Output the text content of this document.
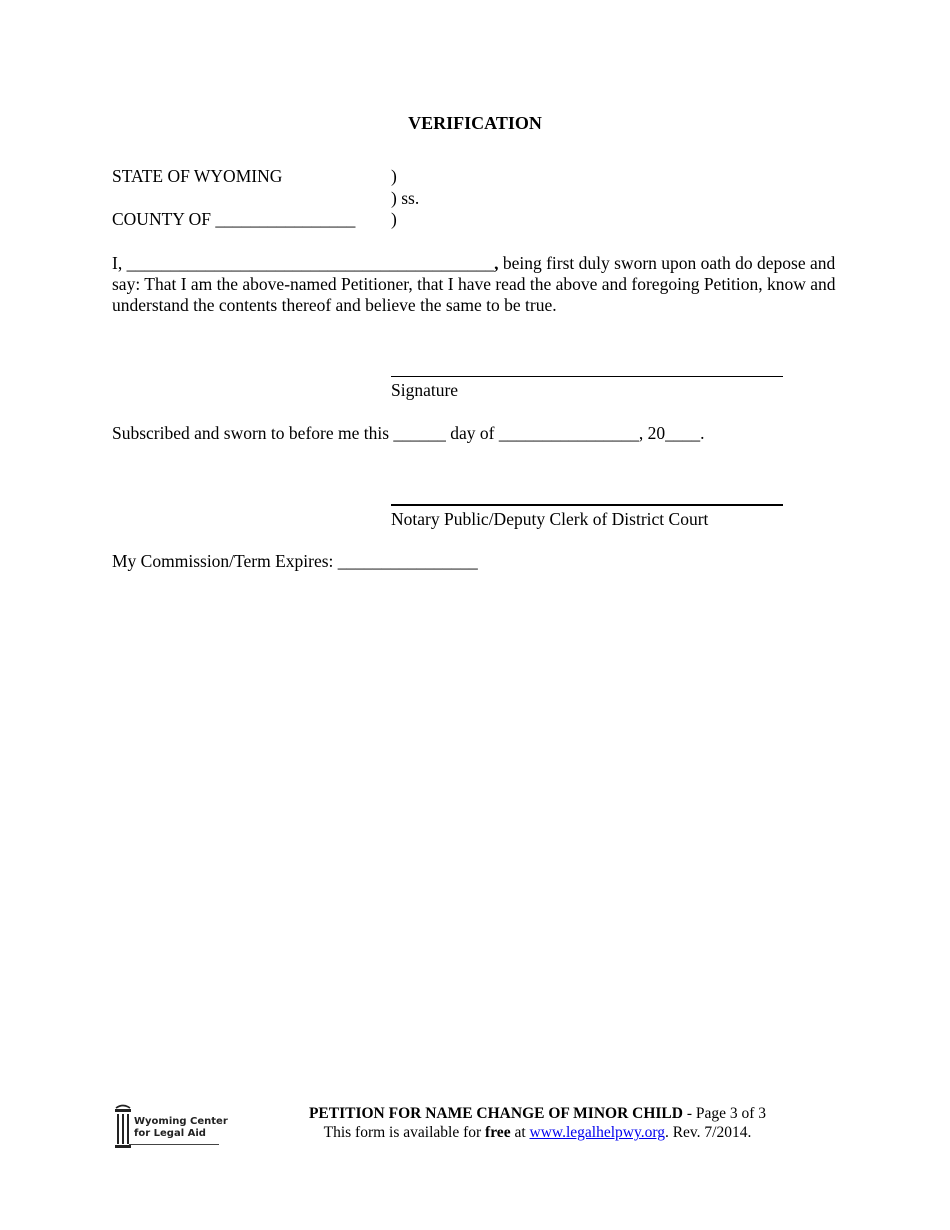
VERIFICATION
STATE OF WYOMING	)
) ss.
COUNTY OF ________________ )
I, __________________________________________, being first duly sworn upon oath do depose and say: That I am the above-named Petitioner, that I have read the above and foregoing Petition, know and understand the contents thereof and believe the same to be true.
Signature
Subscribed and sworn to before me this ______ day of ________________, 20____.
Notary Public/Deputy Clerk of District Court
My Commission/Term Expires: ________________
Wyoming Center
for Legal Aid
PETITION FOR NAME CHANGE OF MINOR CHILD - Page 3 of 3
This form is available for free at www.legalhelpwy.org. Rev. 7/2014.
